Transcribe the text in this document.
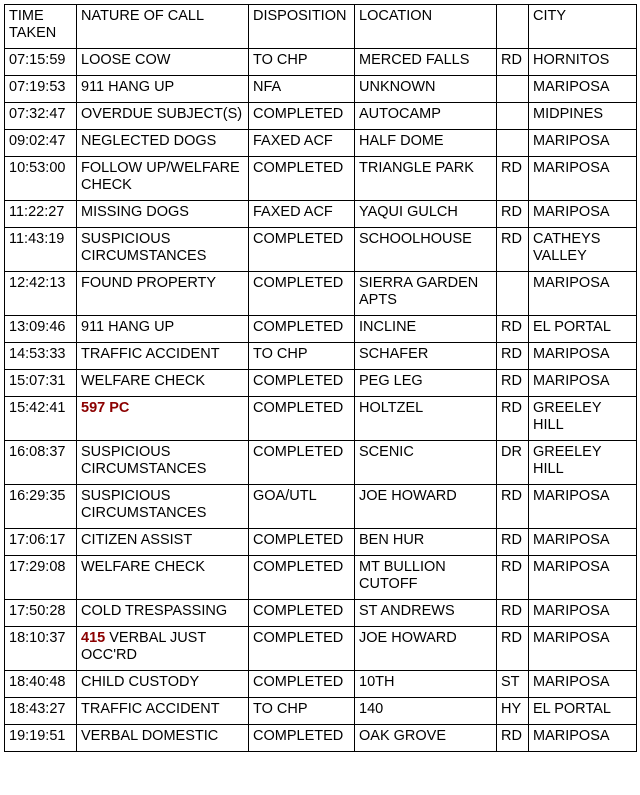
TIME TAKEN	NATURE OF CALL	DISPOSITION	LOCATION		CITY
07:15:59	LOOSE COW	TO CHP	MERCED FALLS	RD	HORNITOS
07:19:53	911 HANG UP	NFA	UNKNOWN		MARIPOSA
07:32:47	OVERDUE SUBJECT(S)	COMPLETED	AUTOCAMP		MIDPINES
09:02:47	NEGLECTED DOGS	FAXED ACF	HALF DOME		MARIPOSA
10:53:00	FOLLOW UP/WELFARE CHECK	COMPLETED	TRIANGLE PARK	RD	MARIPOSA
11:22:27	MISSING DOGS	FAXED ACF	YAQUI GULCH	RD	MARIPOSA
11:43:19	SUSPICIOUS CIRCUMSTANCES	COMPLETED	SCHOOLHOUSE	RD	CATHEYS VALLEY
12:42:13	FOUND PROPERTY	COMPLETED	SIERRA GARDEN APTS		MARIPOSA
13:09:46	911 HANG UP	COMPLETED	INCLINE	RD	EL PORTAL
14:53:33	TRAFFIC ACCIDENT	TO CHP	SCHAFER	RD	MARIPOSA
15:07:31	WELFARE CHECK	COMPLETED	PEG LEG	RD	MARIPOSA
15:42:41	597 PC	COMPLETED	HOLTZEL	RD	GREELEY HILL
16:08:37	SUSPICIOUS CIRCUMSTANCES	COMPLETED	SCENIC	DR	GREELEY HILL
16:29:35	SUSPICIOUS CIRCUMSTANCES	GOA/UTL	JOE HOWARD	RD	MARIPOSA
17:06:17	CITIZEN ASSIST	COMPLETED	BEN HUR	RD	MARIPOSA
17:29:08	WELFARE CHECK	COMPLETED	MT BULLION CUTOFF	RD	MARIPOSA
17:50:28	COLD TRESPASSING	COMPLETED	ST ANDREWS	RD	MARIPOSA
18:10:37	415 VERBAL JUST OCC'RD	COMPLETED	JOE HOWARD	RD	MARIPOSA
18:40:48	CHILD CUSTODY	COMPLETED	10TH	ST	MARIPOSA
18:43:27	TRAFFIC ACCIDENT	TO CHP	140	HY	EL PORTAL
19:19:51	VERBAL DOMESTIC	COMPLETED	OAK GROVE	RD	MARIPOSA
